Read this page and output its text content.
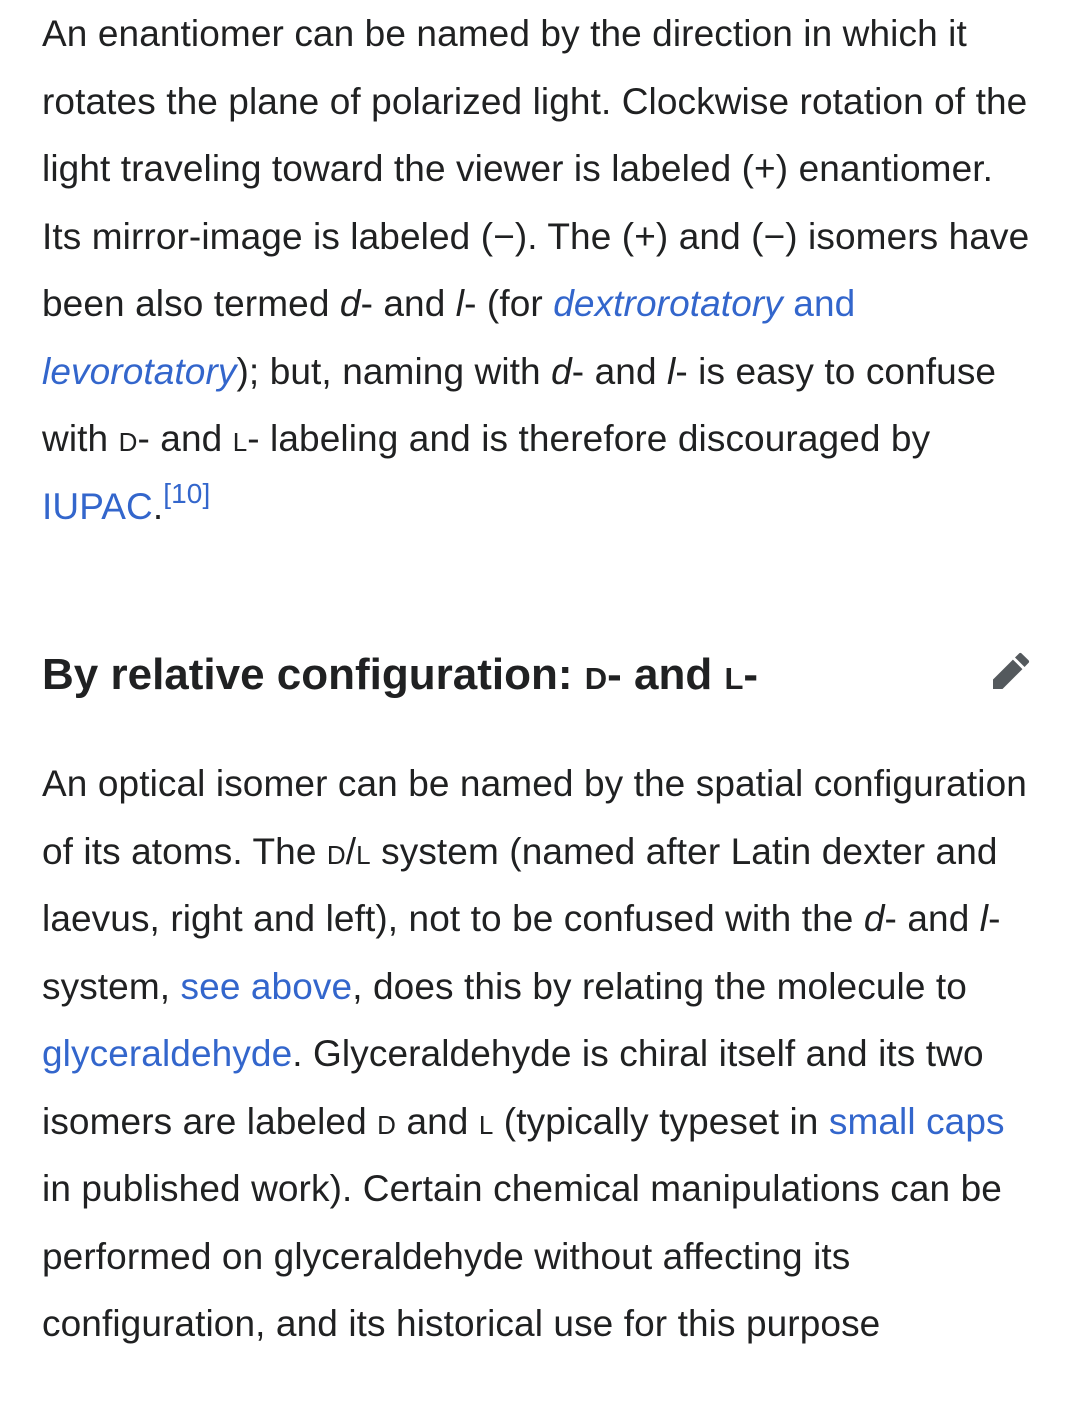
An enantiomer can be named by the direction in which it rotates the plane of polarized light. Clockwise rotation of the light traveling toward the viewer is labeled (+) enantiomer. Its mirror-image is labeled (−). The (+) and (−) isomers have been also termed d- and l- (for dextrorotatory and levorotatory); but, naming with d- and l- is easy to confuse with d- and l- labeling and is therefore discouraged by IUPAC.[10]

By relative configuration: d- and l-

An optical isomer can be named by the spatial configuration of its atoms. The d/l system (named after Latin dexter and laevus, right and left), not to be confused with the d- and l-system, see above, does this by relating the molecule to glyceraldehyde. Glyceraldehyde is chiral itself and its two isomers are labeled d and l (typically typeset in small caps in published work). Certain chemical manipulations can be performed on glyceraldehyde without affecting its configuration, and its historical use for this purpose
